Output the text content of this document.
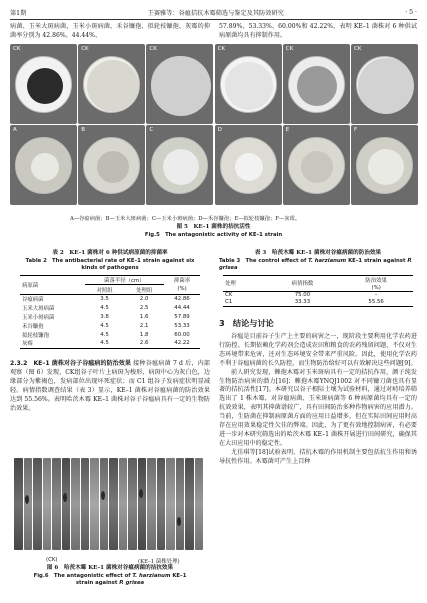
第1期	王赛雅等：谷瘟拮抗木霉筛选与鉴定及其防效研究	· 5 ·
病菌、玉米大斑病菌、玉米小斑病菌、禾谷镰孢、拟轮枝镰孢、灰霉的抑菌率分别为 42.86%、44.44%、
57.89%、53.33%、60.00%和 42.22%，表明 KE–1 菌株对 6 种供试病原菌均具有抑制作用。
CK	CK	CK	CK	CK	CK
A	B	C	D	E	F
A—谷瘟病菌；B—玉米大斑病菌；C—玉米小斑病菌；D—禾谷镰孢；E—拟轮枝镰孢；F—灰霉。
图 5　KE–1 菌株的拮抗活性
Fig.5　The antagonistic activity of KE–1 strain
表 2　KE–1 菌株对 6 种供试病原菌的抑菌率
Table 2　The antibacterial rate of KE–1 strain against six kinds of pathogens
病原菌	菌落半径（cm）		抑菌率
	对照组	处理组	(%)
谷瘟病菌	3.5	2.0	42.86
玉米大斑病菌	4.5	2.5	44.44
玉米小斑病菌	3.8	1.6	57.89
禾谷镰孢	4.5	2.1	53.33
拟轮枝镰孢	4.5	1.8	60.00
灰霉	4.5	2.6	42.22
2.3.2　KE–1 菌株对谷子谷瘟病的防治效果 接种谷瘟病菌 7 d 后，内部观察（图 6）发现，CK组谷子叶片上病斑为梭形，病斑中心为灰白色，边缘部分为紫褐色，发病部位出现坏死症状；而 C1 组谷子发病症状明显减轻。病情指数调查结果（表 3）显示，KE–1 菌株对谷瘟病菌的防治效果达到 55.56%。表明哈茨木霉 KE–1 菌株对谷子谷瘟病具有一定的生物防治效果。
(CK)	(KE–1 菌株处理)
图 6　哈茨木霉 KE–1 菌株对谷瘟病菌的拮抗效果
Fig.6　The antagonistic effect of T. harzianum KE–1
strain against P. grisea
表 3　哈茨木霉 KE–1 菌株对谷瘟病菌的防治效果
Table 3　The control effect of T. harzianum KE–1 strain against P. grisea
处理	病情指数	防治效果
		(%)
CK	75.00	–
C1	33.33	55.56
3　结论与讨论
谷瘟是目前谷子生产上主要的病害之一，现阶段主要利用化学农药进行防控。长期依赖化学药剂会造成农田和粮食的农药残留问题，不仅对生态环境带来危害，还对生态环境安全带来严重风险。因此，使用化学农药不利于谷瘟病菌的长久防控，而生物防治给好可以有效解决这些问题[9]。
前人研究发现，棘孢木霉对玉米斑病具有一定的拮抗作用，颜子纯发生物防治病害的潜力[16]；棘孢木霉YNQJ1002 对不同镰刀菌也具有显著的拮抗活性[17]。本研究以谷子根际土壤为试验材料，通过对峙培养筛选出了 1 株木霉，对谷瘟病菌、玉米斑病菌等 6 种病原菌均具有一定的抗效效果，表明其抑菌谱较广，具有田间防治多种作物病害的应用潜力。当前，生防菌在抑制病原菌方面的应用日益增多，但在实际田间应用时高存在应用效果稳定性欠佳的弊端。因此，为了更有效地控制病害，有必要进一步对本研究筛选出的哈茨木霉 KE–1 菌株开展进行田间研究，确保其在大田应用中的稳定性。
尤佳琪等[18]试验表明，拮抗木霉的作用机制主要包括抗生作用和诱导抗性作用。木霉菌可产生上百种
